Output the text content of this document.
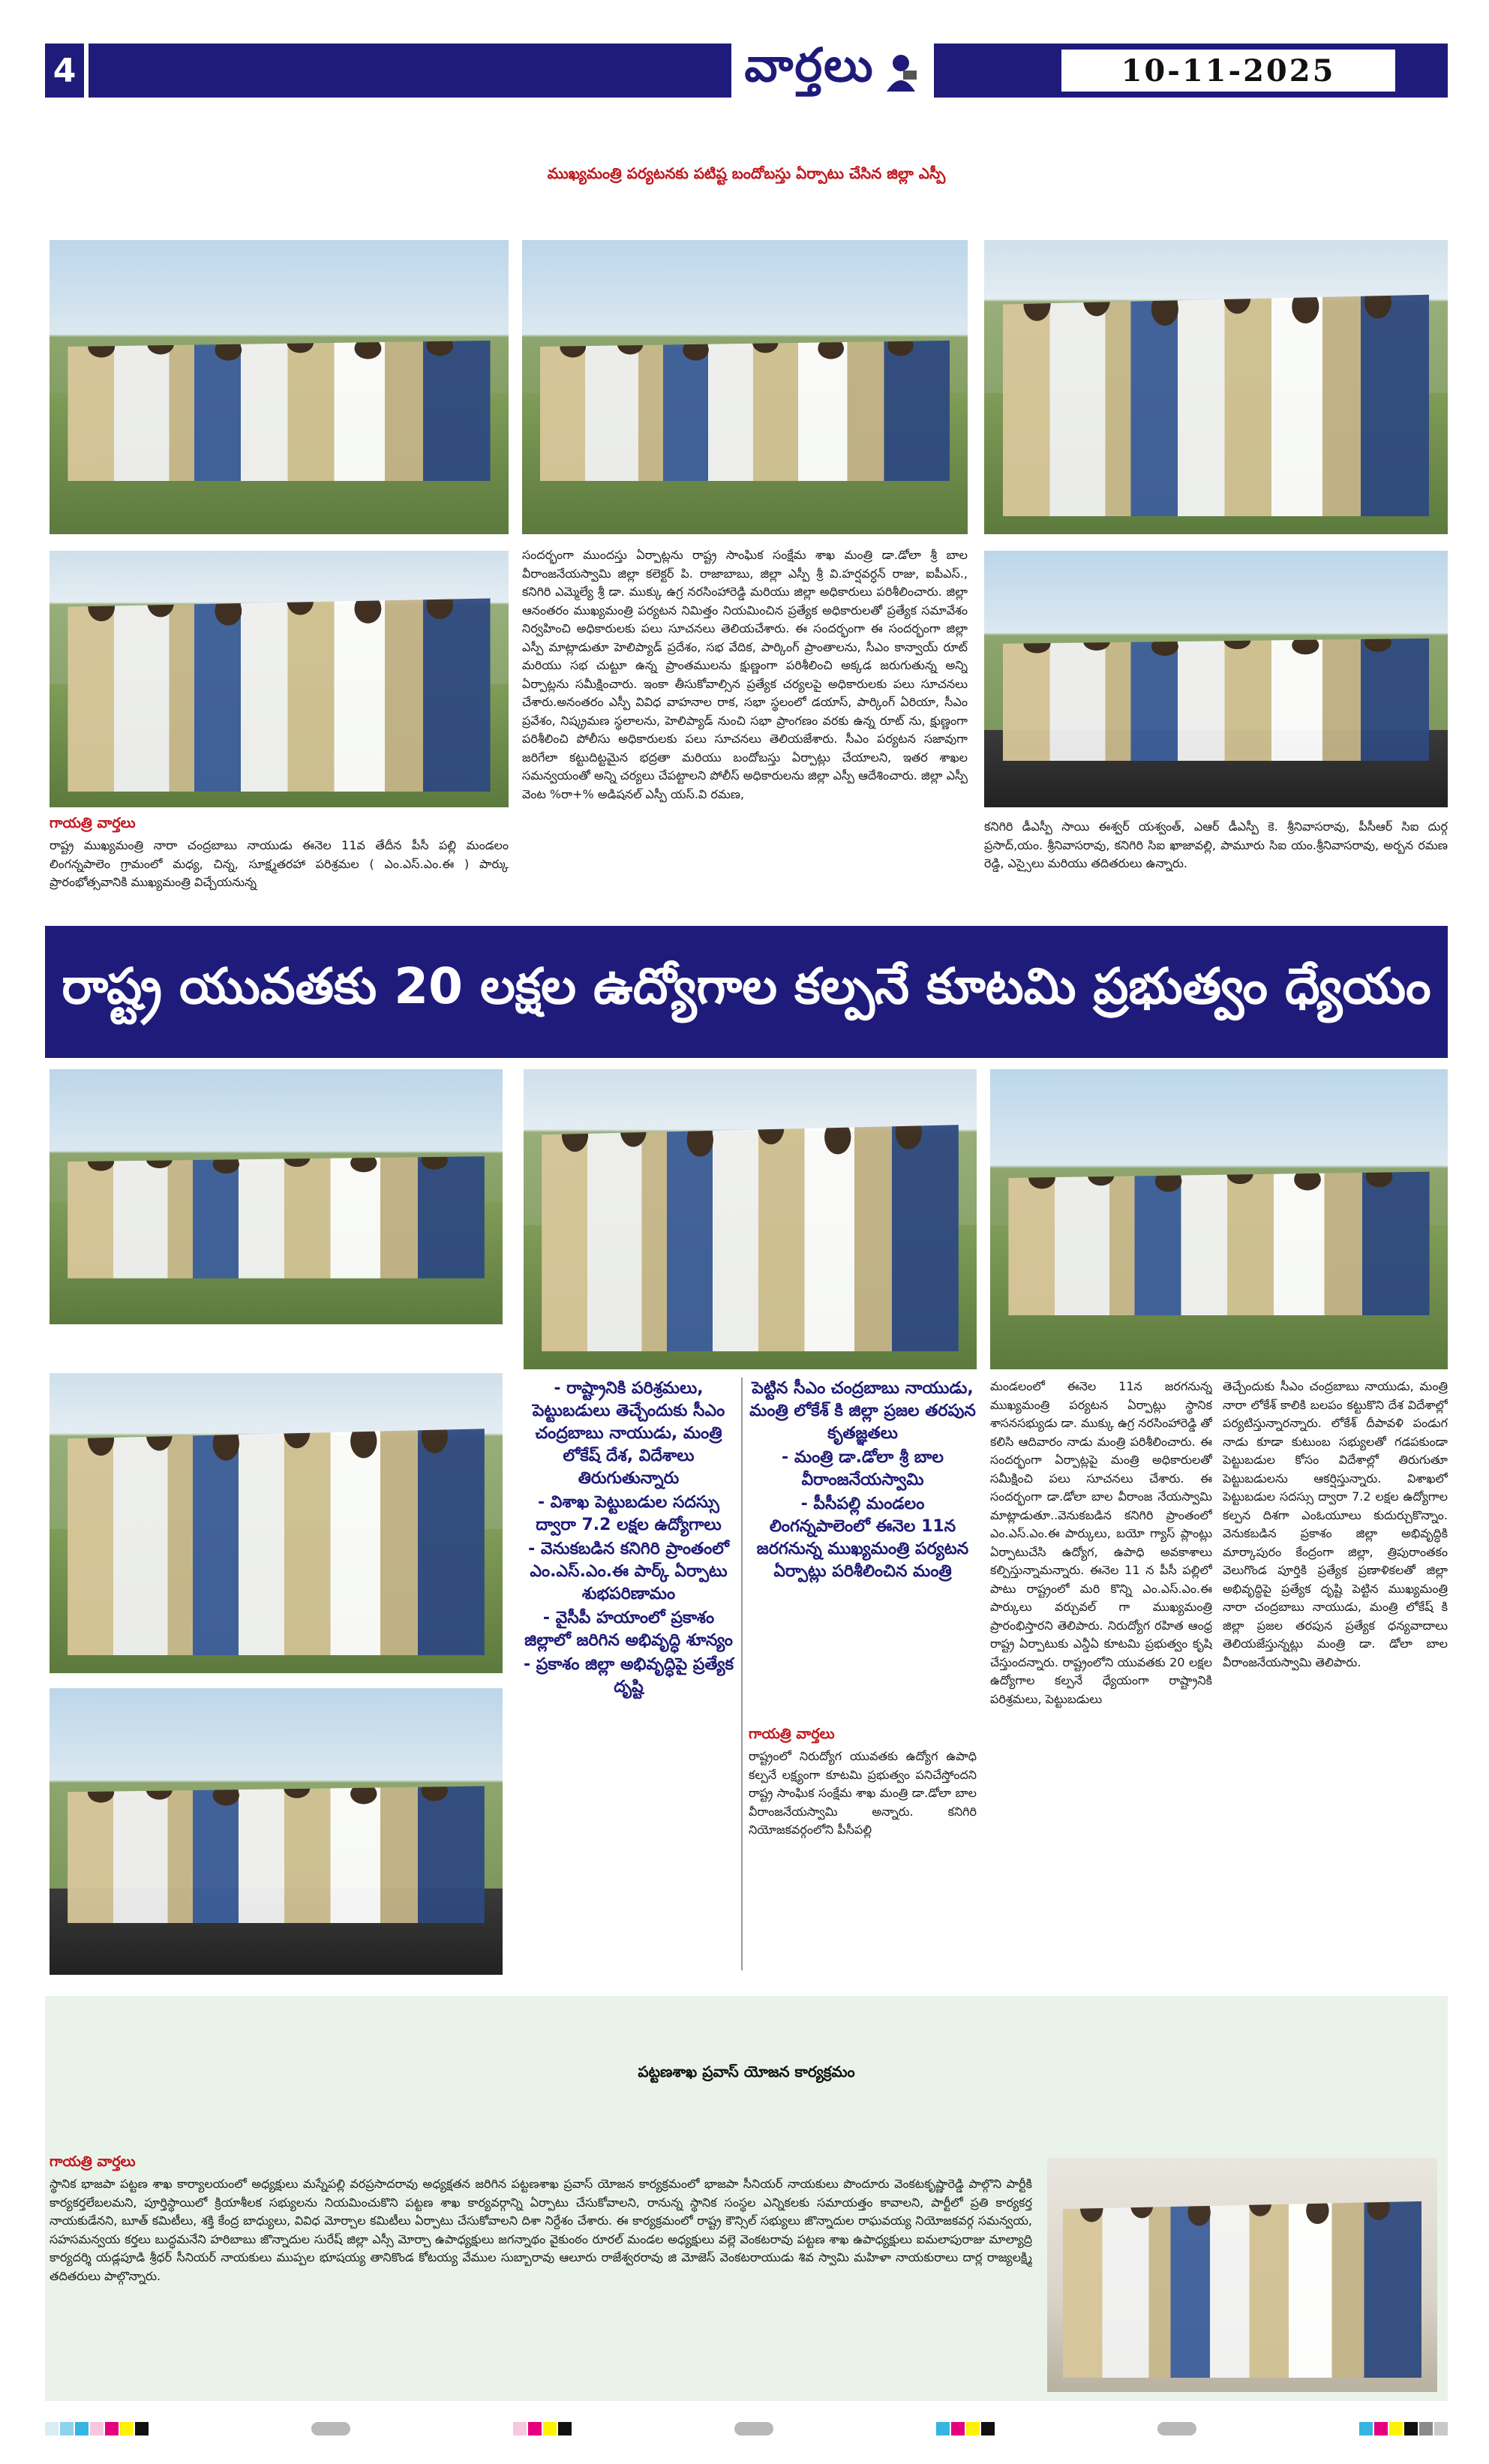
4	వార్తలు	10-11-2025
ముఖ్యమంత్రి పర్యటనకు పటిష్ట బందోబస్తు ఏర్పాటు చేసిన జిల్లా ఎస్పీ
గాయత్రి వార్తలు
రాష్ట్ర ముఖ్యమంత్రి నారా చంద్రబాబు నాయుడు ఈనెల 11వ తేదీన పీసీ పల్లి మండలం లింగన్నపాలెం గ్రామంలో మధ్య, చిన్న, సూక్ష్మతరహా పరిశ్రమల ( ఎం.ఎస్.ఎం.ఈ ) పార్కు ప్రారంభోత్సవానికి ముఖ్యమంత్రి విచ్చేయనున్న
సందర్భంగా ముందస్తు ఏర్పాట్లను రాష్ట్ర సాంఘిక సంక్షేమ శాఖ మంత్రి డా.డోలా శ్రీ బాల వీరాంజనేయస్వామి జిల్లా కలెక్టర్ పి. రాజాబాబు, జిల్లా ఎస్పీ శ్రీ వి.హర్షవర్ధన్ రాజు, ఐపీఎస్., కనిగిరి ఎమ్మెల్యే శ్రీ డా. ముక్కు ఉగ్ర నరసింహారెడ్డి మరియు జిల్లా అధికారులు పరిశీలించారు. జిల్లా ఆనంతరం ముఖ్యమంత్రి పర్యటన నిమిత్తం నియమించిన ప్రత్యేక అధికారులతో ప్రత్యేక సమావేశం నిర్వహించి అధికారులకు పలు సూచనలు తెలియచేశారు. ఈ సందర్భంగా ఈ సందర్భంగా జిల్లా ఎస్పీ మాట్లాడుతూ హెలిప్యాడ్ ప్రదేశం, సభ వేదిక, పార్కింగ్ ప్రాంతాలను, సీఎం కాన్వాయ్ రూట్ మరియు సభ చుట్టూ ఉన్న ప్రాంతములను క్షుణ్ణంగా పరిశీలించి అక్కడ జరుగుతున్న అన్ని ఏర్పాట్లను సమీక్షించారు. ఇంకా తీసుకోవాల్సిన ప్రత్యేక చర్యలపై అధికారులకు పలు సూచనలు చేశారు.అనంతరం ఎస్పీ వివిధ వాహనాల రాక, సభా స్థలంలో డయాస్, పార్కింగ్ ఏరియా, సీఎం ప్రవేశం, నిష్క్రమణ స్థలాలను, హెలిప్యాడ్ నుంచి సభా ప్రాంగణం వరకు ఉన్న రూట్ ను, క్షుణ్ణంగా పరిశీలించి పోలీసు అధికారులకు పలు సూచనలు తెలియజేశారు. సీఎం పర్యటన సజావుగా జరిగేలా కట్టుదిట్టమైన భద్రతా మరియు బందోబస్తు ఏర్పాట్లు చేయాలని, ఇతర శాఖల సమన్వయంతో అన్ని చర్యలు చేపట్టాలని పోలీస్ అధికారులను జిల్లా ఎస్పీ ఆదేశించారు. జిల్లా ఎస్పీ వెంట %రా+% అడిషనల్ ఎస్పీ యస్.వి రమణ,
కనిగిరి డీఎస్పీ సాయి ఈశ్వర్ యశ్వంత్, ఎఆర్ డీఎస్పీ కె. శ్రీనివాసరావు, పీసీఆర్ సిఐ దుర్గ ప్రసాద్,యం. శ్రీనివాసరావు, కనిగిరి సిఐ ఖాజావల్లి, పామూరు సిఐ యం.శ్రీనివాసరావు, అర్బన రమణ రెడ్డి, ఎస్సైలు మరియు తదితరులు ఉన్నారు.
రాష్ట్ర యువతకు 20 లక్షల ఉద్యోగాల కల్పనే కూటమి ప్రభుత్వం ధ్యేయం
- రాష్ట్రానికి పరిశ్రమలు, పెట్టుబడులు తెచ్చేందుకు సీఎం చంద్రబాబు నాయుడు, మంత్రి లోకేష్ దేశ, విదేశాలు తిరుగుతున్నారు
- విశాఖ పెట్టుబడుల సదస్సు ద్వారా 7.2 లక్షల ఉద్యోగాలు
- వెనుకబడిన కనిగిరి ప్రాంతంలో ఎం.ఎస్.ఎం.ఈ పార్క్ ఏర్పాటు శుభపరిణామం
- వైసీపీ హయాంలో ప్రకాశం జిల్లాలో జరిగిన అభివృద్ధి శూన్యం
- ప్రకాశం జిల్లా అభివృద్ధిపై ప్రత్యేక దృష్టి
పెట్టిన సీఎం చంద్రబాబు నాయుడు, మంత్రి లోకేశ్ కి జిల్లా ప్రజల తరపున కృతజ్ఞతలు
- మంత్రి డా.డోలా శ్రీ బాల వీరాంజనేయస్వామి
- పీసీపల్లి మండలం లింగన్నపాలెంలో ఈనెల 11న జరగనున్న ముఖ్యమంత్రి పర్యటన ఏర్పాట్లు పరిశీలించిన మంత్రి
గాయత్రి వార్తలు
రాష్ట్రంలో నిరుద్యోగ యువతకు ఉద్యోగ ఉపాధి కల్పనే లక్ష్యంగా కూటమి ప్రభుత్వం పనిచేస్తోందని రాష్ట్ర సాంఘిక సంక్షేమ శాఖ మంత్రి డా.డోలా బాల వీరాంజనేయస్వామి అన్నారు. కనిగిరి నియోజకవర్గంలోని పీసీపల్లి
మండలంలో ఈనెల 11న జరగనున్న ముఖ్యమంత్రి పర్యటన ఏర్పాట్లు స్థానిక శాసనసభ్యుడు డా. ముక్కు ఉగ్ర నరసింహారెడ్డి తో కలిసి ఆదివారం నాడు మంత్రి పరిశీలించారు. ఈ సందర్భంగా ఏర్పాట్లపై మంత్రి అధికారులతో సమీక్షించి పలు సూచనలు చేశారు. ఈ సందర్భంగా డా.డోలా బాల వీరాంజ నేయస్వామి మాట్లాడుతూ..వెనుకబడిన కనిగిరి ప్రాంతంలో ఎం.ఎస్.ఎం.ఈ పార్కులు, బయో గ్యాస్ ప్లాంట్లు ఏర్పాటుచేసి ఉద్యోగ, ఉపాధి అవకాశాలు కల్పిస్తున్నామన్నారు. ఈనెల 11 న పీసీ పల్లిలో పాటు రాష్ట్రంలో మరి కొన్ని ఎం.ఎస్.ఎం.ఈ పార్కులు వర్చువల్ గా ముఖ్యమంత్రి ప్రారంభిస్తారని తెలిపారు. నిరుద్యోగ రహిత ఆంధ్ర రాష్ట్ర ఏర్పాటుకు ఎన్డీఏ కూటమి ప్రభుత్వం కృషి చేస్తుందన్నారు. రాష్ట్రంలోని యువతకు 20 లక్షల ఉద్యోగాల కల్పనే ధ్యేయంగా రాష్ట్రానికి పరిశ్రమలు, పెట్టుబడులు
తెచ్చేందుకు సీఎం చంద్రబాబు నాయుడు, మంత్రి నారా లోకేశ్ కాలికి బలపం కట్టుకొని దేశ విదేశాల్లో పర్యటిస్తున్నారన్నారు. లోకేశ్ దీపావళి పండుగ నాడు కూడా కుటుంబ సభ్యులతో గడపకుండా పెట్టుబడుల కోసం విదేశాల్లో తిరుగుతూ పెట్టుబడులను ఆకర్షిస్తున్నారు. విశాఖలో పెట్టుబడుల సదస్సు ద్వారా 7.2 లక్షల ఉద్యోగాల కల్పన దిశగా ఎంఓయూలు కుదుర్చుకొన్నాం. వెనుకబడిన ప్రకాశం జిల్లా అభివృద్ధికి మార్కాపురం కేంద్రంగా జిల్లా, త్రిపురాంతకం వెలుగొండ పూర్తికి ప్రత్యేక ప్రణాళికలతో జిల్లా అభివృద్ధిపై ప్రత్యేక దృష్టి పెట్టిన ముఖ్యమంత్రి నారా చంద్రబాబు నాయుడు, మంత్రి లోకేష్ కి జిల్లా ప్రజల తరపున ప్రత్యేక ధన్యవాదాలు తెలియజేస్తున్నట్లు మంత్రి డా. డోలా బాల వీరాంజనేయస్వామి తెలిపారు.
పట్టణశాఖ ప్రవాస్ యోజన కార్యక్రమం
గాయత్రి వార్తలు
స్థానిక భాజపా పట్టణ శాఖ కార్యాలయంలో అధ్యక్షులు మస్నేపల్లి వరప్రసాదరావు అధ్యక్షతన జరిగిన పట్టణశాఖ ప్రవాస్ యోజన కార్యక్రమంలో భాజపా సీనియర్ నాయకులు పొందూరు వెంకటకృష్ణారెడ్డి పాల్గొని పార్టీకి కార్యకర్తలేబలమని, పూర్తిస్థాయిలో క్రియాశీలక సభ్యులను నియమించుకొని పట్టణ శాఖ కార్యవర్గాన్ని ఏర్పాటు చేసుకోవాలని, రానున్న స్థానిక సంస్థల ఎన్నికలకు సమాయత్తం కావాలని, పార్టీలో ప్రతి కార్యకర్త నాయకుడేనని, బూత్ కమిటీలు, శక్తి కేంద్ర బాధ్యులు, వివిధ మోర్చాల కమిటీలు ఏర్పాటు చేసుకోవాలని దిశా నిర్దేశం చేశారు. ఈ కార్యక్రమంలో రాష్ట్ర కౌన్సిల్ సభ్యులు జొన్నాదుల రాఘవయ్య నియోజకవర్గ సమన్వయ, సహసమన్వయ కర్తలు బుద్ధమనేని హరిబాబు జొన్నాదుల సురేష్ జిల్లా ఎస్సీ మోర్చా ఉపాధ్యక్షులు జగన్నాథం వైకుంఠం రూరల్ మండల అధ్యక్షులు వల్లె వెంకటరావు పట్టణ శాఖ ఉపాధ్యక్షులు ఐమలాపురాజు మాల్యాద్రి కార్యదర్శి యడ్లపూడి శ్రీధర్ సీనియర్ నాయకులు ముప్పల భూషయ్య తానికొండ కోటయ్య వేముల సుబ్బారావు ఆలూరు రాజేశ్వరరావు జి మోజెస్ వెంకటరాయుడు శివ స్వామి మహిళా నాయకురాలు దార్ల రాజ్యలక్ష్మి తదితరులు పాల్గొన్నారు.
